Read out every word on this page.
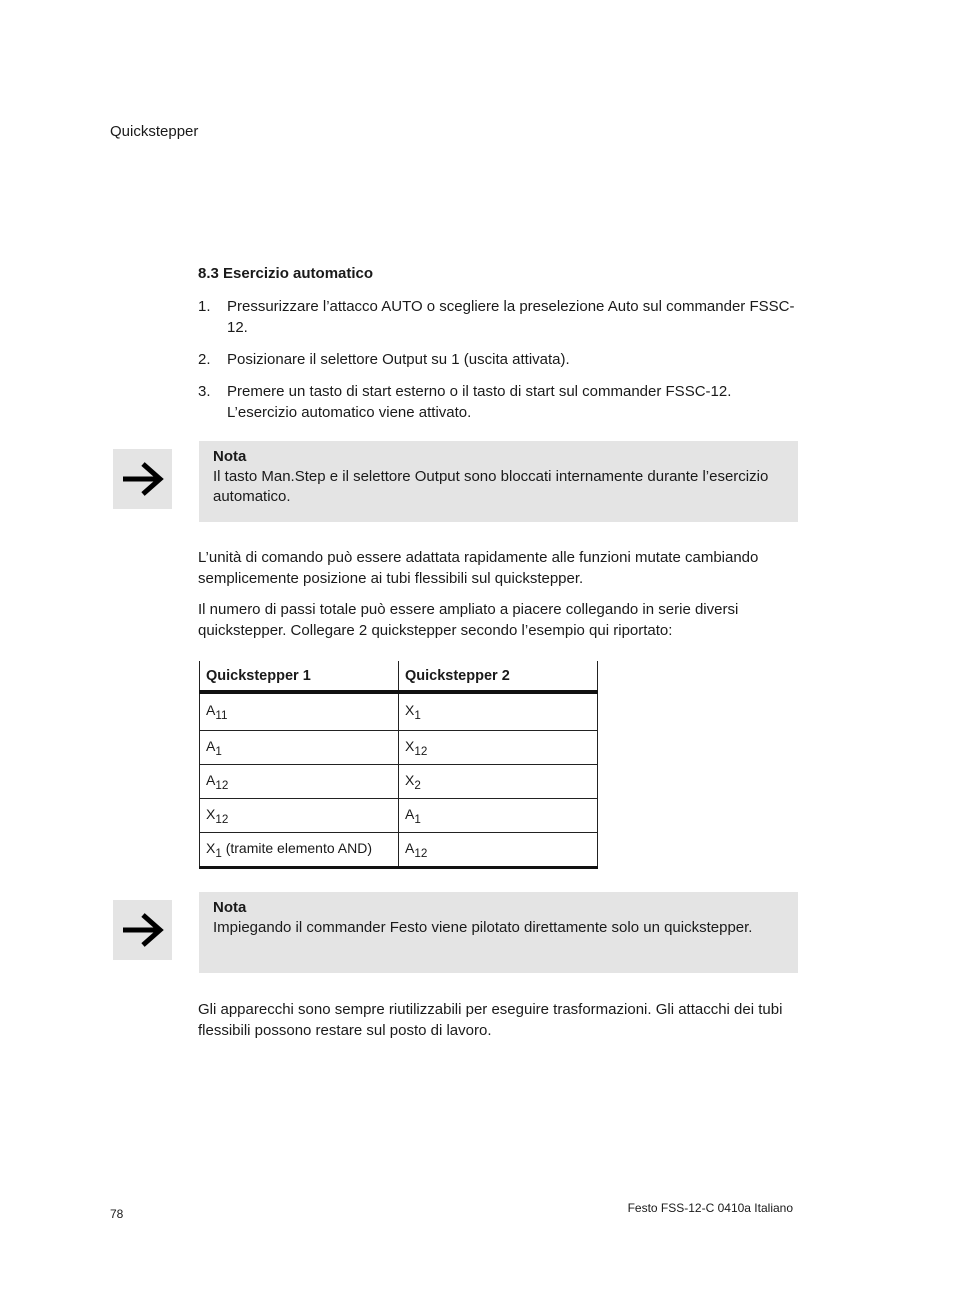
Quickstepper
8.3 Esercizio automatico
1. Pressurizzare l’attacco AUTO o scegliere la preselezione Auto sul commander FSSC-12.
2. Posizionare il selettore Output su 1 (uscita attivata).
3. Premere un tasto di start esterno o il tasto di start sul commander FSSC-12. L’esercizio automatico viene attivato.
Nota
Il tasto Man.Step e il selettore Output sono bloccati internamente durante l’esercizio automatico.
L’unità di comando può essere adattata rapidamente alle funzioni mutate cambiando semplicemente posizione ai tubi flessibili sul quickstepper.
Il numero di passi totale può essere ampliato a piacere collegando in serie diversi quickstepper. Collegare 2 quickstepper secondo l’esempio qui riportato:
Quickstepper 1	Quickstepper 2
$A_{11}$	$X_1$
$A_1$	$X_{12}$
$A_{12}$	$X_2$
$X_{12}$	$A_1$
$X_1$ (tramite elemento AND)	$A_{12}$
Nota
Impiegando il commander Festo viene pilotato direttamente solo un quickstepper.
Gli apparecchi sono sempre riutilizzabili per eseguire trasformazioni. Gli attacchi dei tubi flessibili possono restare sul posto di lavoro.
78	Festo FSS-12-C 0410a Italiano
